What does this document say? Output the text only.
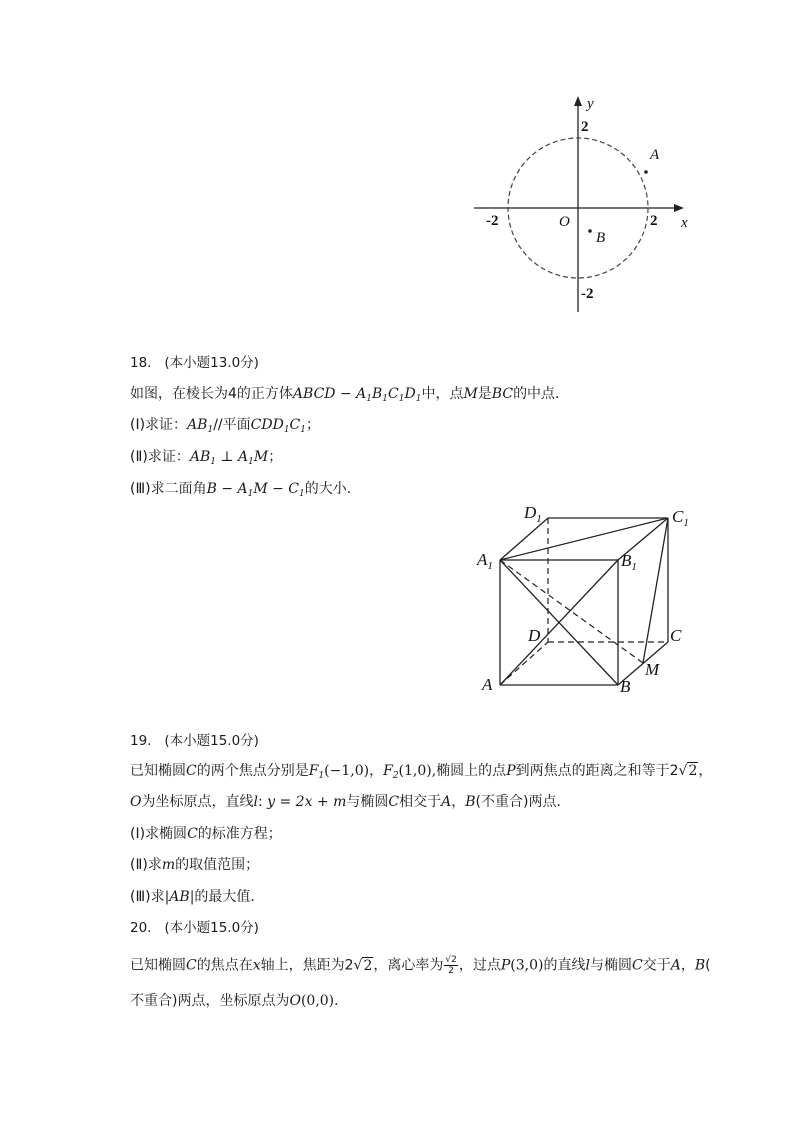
y
x
2
-2
-2	2
O
A
B
18. (本小题13.0分)
如图，在棱长为4的正方体ABCD − $A_1B_1C_1D_1$中，点M是BC的中点．
(Ⅰ)求证：$AB_1//$平面$CDD_1C_1$；
(Ⅱ)求证：$AB_1$ ⊥ $A_1M$；
(Ⅲ)求二面角$B - A_1M - C_1$的大小．
$D_1$	$C_1$
$A_1$	$B_1$
D	C
A	B
M
19. (本小题15.0分)
已知椭圆C的两个焦点分别是$F_1(-1,0)$，$F_2(1,0)$,椭圆上的点P到两焦点的距离之和等于2√2，
O为坐标原点，直线l: y = 2x + m与椭圆C相交于A，B(不重合)两点．
(Ⅰ)求椭圆C的标准方程；
(Ⅱ)求m的取值范围；
(Ⅲ)求|AB|的最大值．
20. (本小题15.0分)
已知椭圆C的焦点在x轴上，焦距为2√2，离心率为 $\frac{√2}{2}$ ，过点P(3,0)的直线l与椭圆C交于A，B(
不重合)两点，坐标原点为O(0,0)．
